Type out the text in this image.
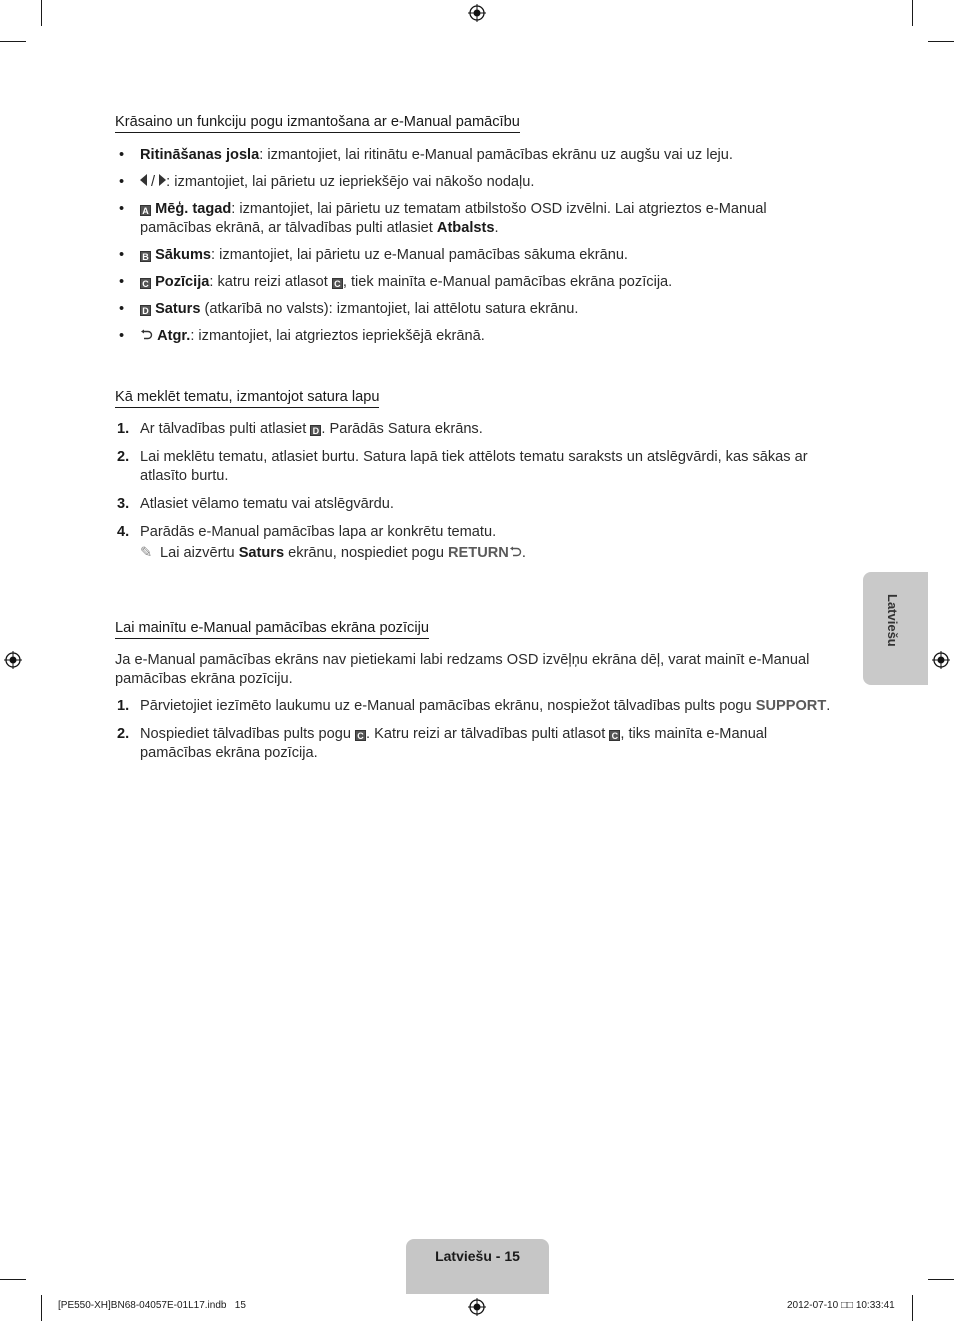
Krāsaino un funkciju pogu izmantošana ar e-Manual pamācību
• Ritināšanas josla: izmantojiet, lai ritinātu e-Manual pamācības ekrānu uz augšu vai uz leju.
•  / : izmantojiet, lai pārietu uz iepriekšējo vai nākošo nodaļu.
• A Mēģ. tagad: izmantojiet, lai pārietu uz tematam atbilstošo OSD izvēlni. Lai atgrieztos e-Manual pamācības ekrānā, ar tālvadības pulti atlasiet Atbalsts.
• B Sākums: izmantojiet, lai pārietu uz e-Manual pamācības sākuma ekrānu.
• C Pozīcija: katru reizi atlasot C , tiek mainīta e-Manual pamācības ekrāna pozīcija.
• D Saturs (atkarībā no valsts): izmantojiet, lai attēlotu satura ekrānu.
• Atgr.: izmantojiet, lai atgrieztos iepriekšējā ekrānā.
Kā meklēt tematu, izmantojot satura lapu
1. Ar tālvadības pulti atlasiet D . Parādās Satura ekrāns.
2. Lai meklētu tematu, atlasiet burtu. Satura lapā tiek attēlots tematu saraksts un atslēgvārdi, kas sākas ar atlasīto burtu.
3. Atlasiet vēlamo tematu vai atslēgvārdu.
4. Parādās e-Manual pamācības lapa ar konkrētu tematu.
✎ Lai aizvērtu Saturs ekrānu, nospiediet pogu RETURN .
Lai mainītu e-Manual pamācības ekrāna pozīciju

Ja e-Manual pamācības ekrāns nav pietiekami labi redzams OSD izvēļņu ekrāna dēļ, varat mainīt e-Manual pamācības ekrāna pozīciju.

1. Pārvietojiet iezīmēto laukumu uz e-Manual pamācības ekrānu, nospiežot tālvadības pults pogu SUPPORT.
2. Nospiediet tālvadības pults pogu C . Katru reizi ar tālvadības pulti atlasot C , tiks mainīta e-Manual pamācības ekrāna pozīcija.
Latviešu
Latviešu - 15
[PE550-XH]BN68-04057E-01L17.indb   15	2012-07-10 □□ 10:33:41
